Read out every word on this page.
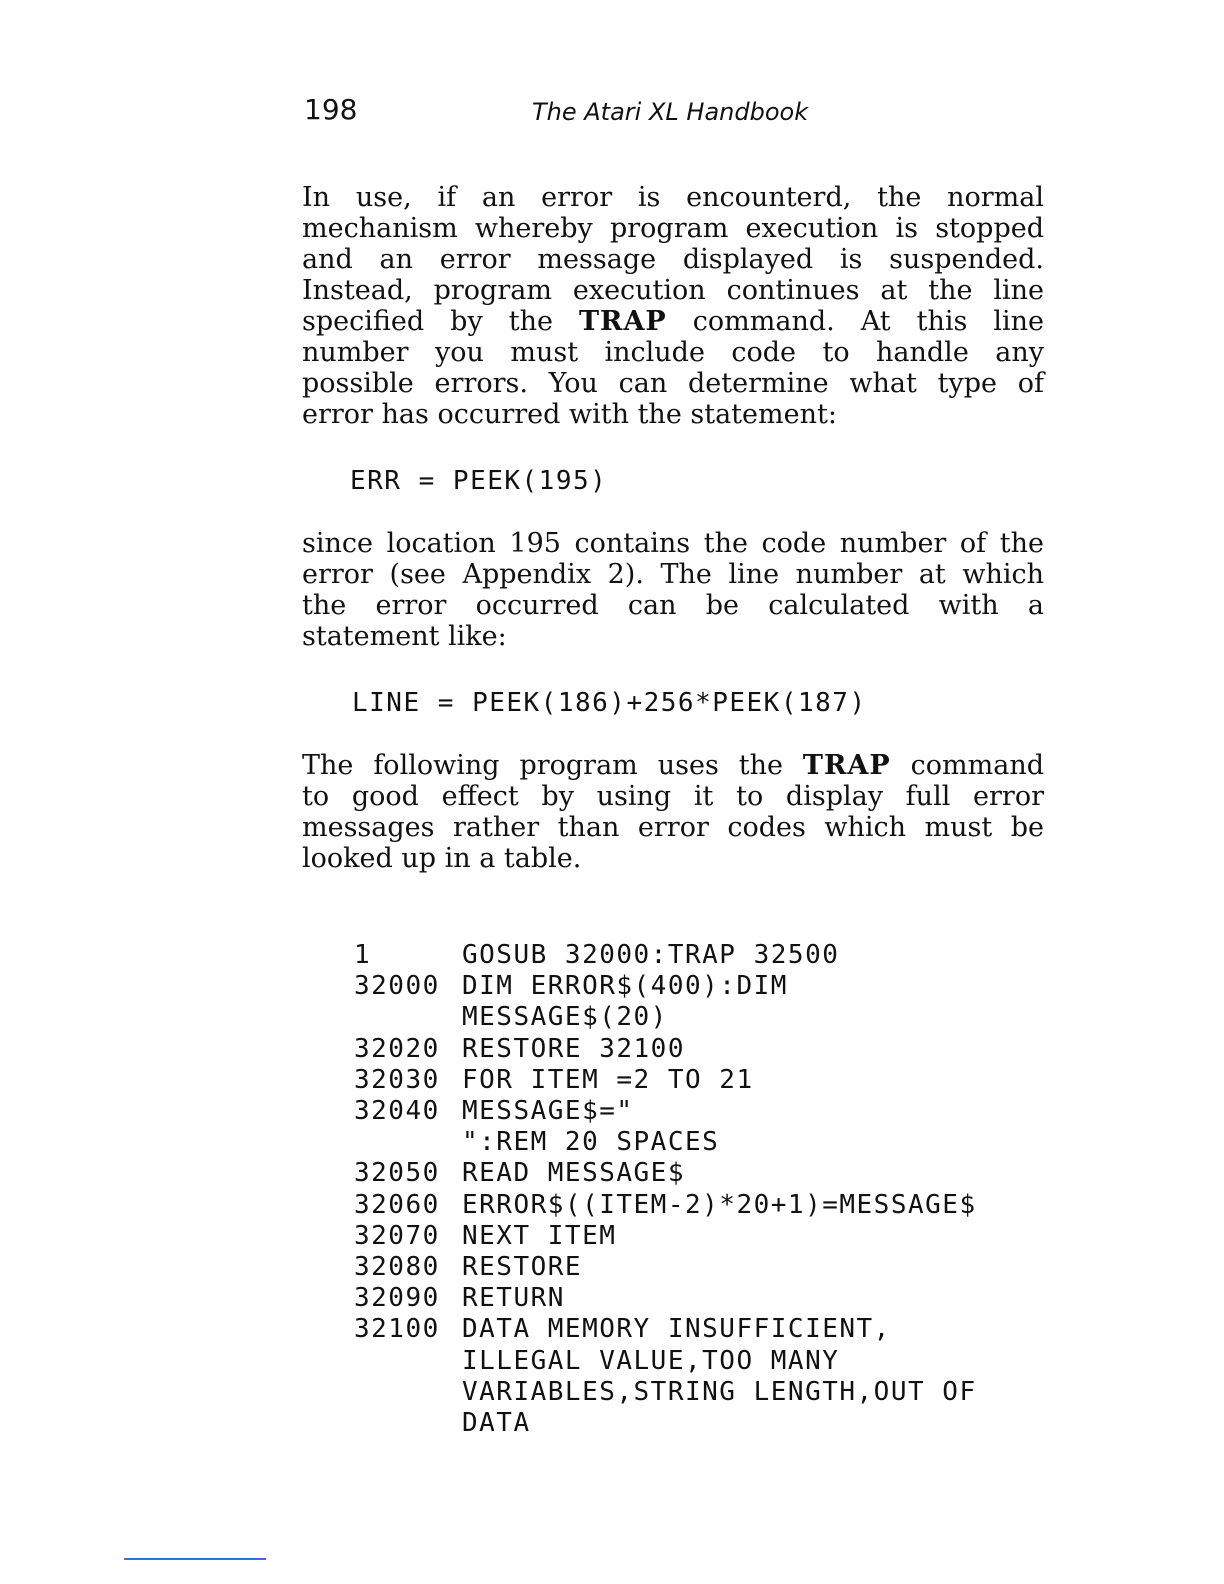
198	The Atari XL Handbook

In use, if an error is encounterd, the normal
mechanism whereby program execution is stopped
and an error message displayed is suspended.
Instead, program execution continues at the line
specified by the TRAP command. At this line
number you must include code to handle any
possible errors. You can determine what type of
error has occurred with the statement:

ERR = PEEK(195)

since location 195 contains the code number of the
error (see Appendix 2). The line number at which
the error occurred can be calculated with a
statement like:

LINE = PEEK(186)+256*PEEK(187)

The following program uses the TRAP command
to good effect by using it to display full error
messages rather than error codes which must be
looked up in a table.

1	GOSUB 32000:TRAP 32500
32000 DIM ERROR$(400):DIM
MESSAGE$(20)
32020 RESTORE 32100
32030 FOR ITEM =2 TO 21
32040 MESSAGE$="
":REM 20 SPACES
32050 READ MESSAGE$
32060 ERROR$((ITEM-2)*20+1)=MESSAGE$
32070 NEXT ITEM
32080 RESTORE
32090 RETURN
32100 DATA MEMORY INSUFFICIENT,
ILLEGAL VALUE,TOO MANY
VARIABLES,STRING LENGTH,OUT OF
DATA
